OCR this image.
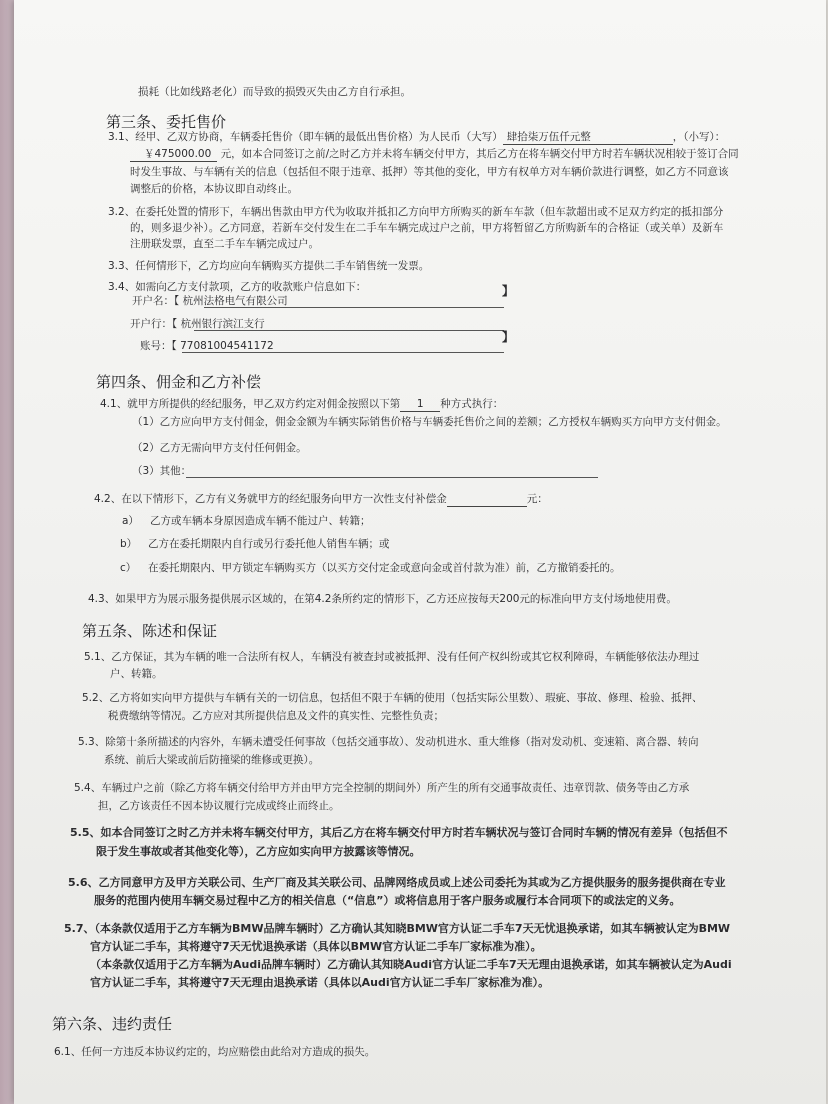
损耗（比如线路老化）而导致的损毁灭失由乙方自行承担。
第三条、委托售价
3.1、经甲、乙双方协商，车辆委托售价（即车辆的最低出售价格）为人民币（大写） 肆拾柒万伍仟元整	，（小写）：
￥475000.00 元，如本合同签订之前/之时乙方并未将车辆交付甲方，其后乙方在将车辆交付甲方时若车辆状况相较于签订合同
时发生事故、与车辆有关的信息（包括但不限于违章、抵押）等其他的变化，甲方有权单方对车辆价款进行调整，如乙方不同意该
调整后的价格，本协议即自动终止。
3.2、在委托处置的情形下，车辆出售款由甲方代为收取并抵扣乙方向甲方所购买的新车车款（但车款超出或不足双方约定的抵扣部分
的，则多退少补）。乙方同意，若新车交付发生在二手车车辆完成过户之前，甲方将暂留乙方所购新车的合格证（或关单）及新车
注册联发票，直至二手车车辆完成过户。
3.3、任何情形下，乙方均应向车辆购买方提供二手车销售统一发票。
3.4、如需向乙方支付款项，乙方的收款账户信息如下：
开户名：【 杭州法格电气有限公司
】
开户行：【 杭州银行滨江支行
账号：【 77081004541172
】
第四条、佣金和乙方补偿
4.1、就甲方所提供的经纪服务，甲乙双方约定对佣金按照以下第 1 种方式执行：
（1）乙方应向甲方支付佣金，佣金金额为车辆实际销售价格与车辆委托售价之间的差额；乙方授权车辆购买方向甲方支付佣金。
（2）乙方无需向甲方支付任何佣金。
（3）其他：
4.2、在以下情形下，乙方有义务就甲方的经纪服务向甲方一次性支付补偿金	元：
a） 乙方或车辆本身原因造成车辆不能过户、转籍；
b） 乙方在委托期限内自行或另行委托他人销售车辆；或
c） 在委托期限内、甲方锁定车辆购买方（以买方交付定金或意向金或首付款为准）前，乙方撤销委托的。
4.3、如果甲方为展示服务提供展示区域的，在第4.2条所约定的情形下，乙方还应按每天200元的标准向甲方支付场地使用费。
第五条、陈述和保证
5.1、乙方保证，其为车辆的唯一合法所有权人，车辆没有被查封或被抵押、没有任何产权纠纷或其它权利障碍，车辆能够依法办理过
户、转籍。
5.2、乙方将如实向甲方提供与车辆有关的一切信息，包括但不限于车辆的使用（包括实际公里数）、瑕疵、事故、修理、检验、抵押、
税费缴纳等情况。乙方应对其所提供信息及文件的真实性、完整性负责；
5.3、除第十条所描述的内容外，车辆未遭受任何事故（包括交通事故）、发动机进水、重大维修（指对发动机、变速箱、离合器、转向
系统、前后大梁或前后防撞梁的维修或更换）。
5.4、车辆过户之前（除乙方将车辆交付给甲方并由甲方完全控制的期间外）所产生的所有交通事故责任、违章罚款、债务等由乙方承
担，乙方该责任不因本协议履行完成或终止而终止。
5.5、如本合同签订之时乙方并未将车辆交付甲方，其后乙方在将车辆交付甲方时若车辆状况与签订合同时车辆的情况有差异（包括但不
限于发生事故或者其他变化等），乙方应如实向甲方披露该等情况。
5.6、乙方同意甲方及甲方关联公司、生产厂商及其关联公司、品牌网络成员或上述公司委托为其或为乙方提供服务的服务提供商在专业
服务的范围内使用车辆交易过程中乙方的相关信息（“信息”）或将信息用于客户服务或履行本合同项下的或法定的义务。
5.7、（本条款仅适用于乙方车辆为BMW品牌车辆时）乙方确认其知晓BMW官方认证二手车7天无忧退换承诺，如其车辆被认定为BMW
官方认证二手车，其将遵守7天无忧退换承诺（具体以BMW官方认证二手车厂家标准为准）。
（本条款仅适用于乙方车辆为Audi品牌车辆时）乙方确认其知晓Audi官方认证二手车7天无理由退换承诺，如其车辆被认定为Audi
官方认证二手车，其将遵守7天无理由退换承诺（具体以Audi官方认证二手车厂家标准为准）。
第六条、违约责任
6.1、任何一方违反本协议约定的，均应赔偿由此给对方造成的损失。
